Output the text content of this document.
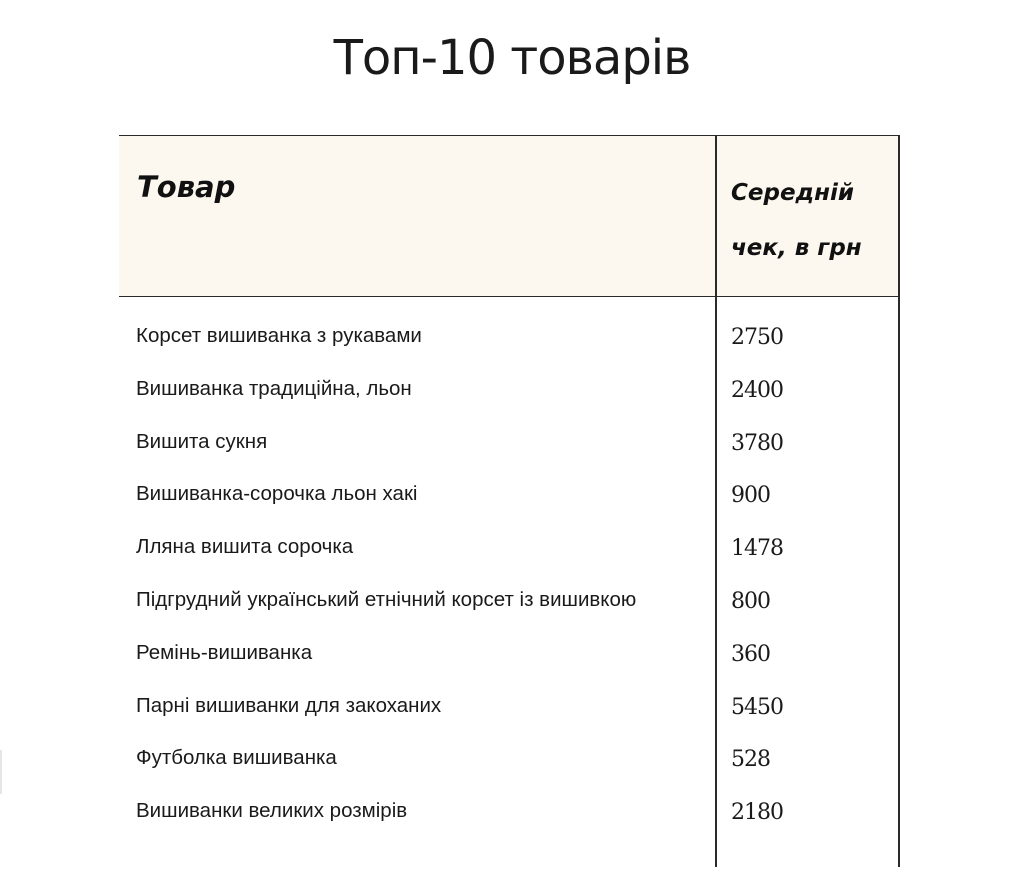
Топ-10 товарів
Товар	Середній
чек, в грн
Корсет вишиванка з рукавами	2750
Вишиванка традиційна, льон	2400
Вишита сукня	3780
Вишиванка-сорочка льон хакі	900
Лляна вишита сорочка	1478
Підгрудний український етнічний корсет із вишивкою	800
Ремінь-вишиванка	360
Парні вишиванки для закоханих	5450
Футболка вишиванка	528
Вишиванки великих розмірів	2180
